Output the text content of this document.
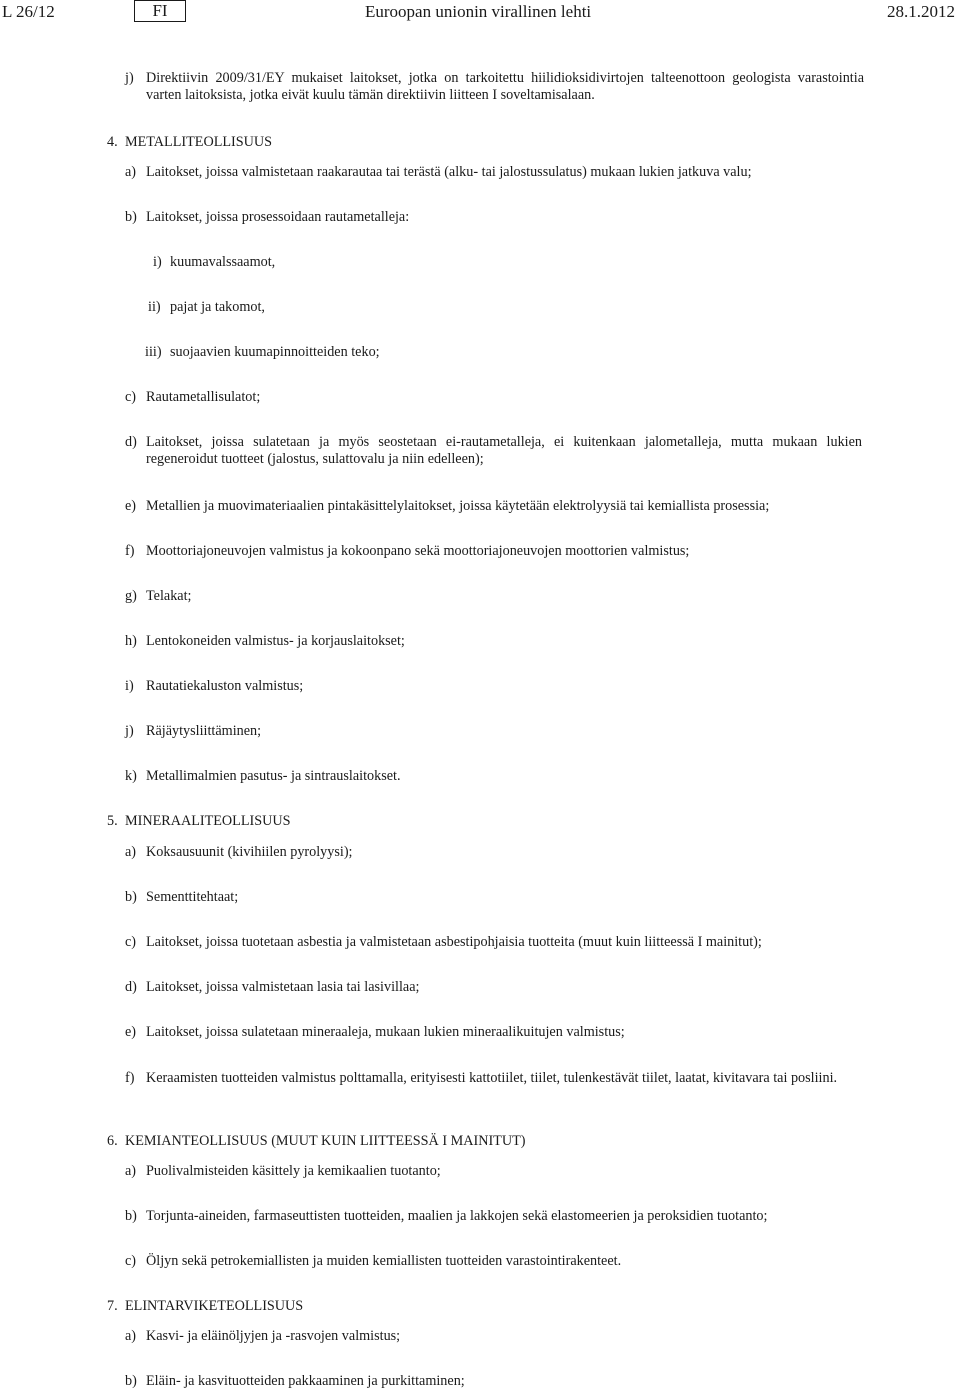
L 26/12	FI	Euroopan unionin virallinen lehti	28.1.2012
j) Direktiivin 2009/31/EY mukaiset laitokset, jotka on tarkoitettu hiilidioksidivirtojen talteenottoon geologista varastointia varten laitoksista, jotka eivät kuulu tämän direktiivin liitteen I soveltamisalaan.
4. METALLITEOLLISUUS
a) Laitokset, joissa valmistetaan raakarautaa tai terästä (alku- tai jalostussulatus) mukaan lukien jatkuva valu;
b) Laitokset, joissa prosessoidaan rautametalleja:
i) kuumavalssaamot,
ii) pajat ja takomot,
iii) suojaavien kuumapinnoitteiden teko;
c) Rautametallisulatot;
d) Laitokset, joissa sulatetaan ja myös seostetaan ei-rautametalleja, ei kuitenkaan jalometalleja, mutta mukaan lukien regeneroidut tuotteet (jalostus, sulattovalu ja niin edelleen);
e) Metallien ja muovimateriaalien pintakäsittelylaitokset, joissa käytetään elektrolyysiä tai kemiallista prosessia;
f) Moottoriajoneuvojen valmistus ja kokoonpano sekä moottoriajoneuvojen moottorien valmistus;
g) Telakat;
h) Lentokoneiden valmistus- ja korjauslaitokset;
i) Rautatiekaluston valmistus;
j) Räjäytysliittäminen;
k) Metallimalmien pasutus- ja sintrauslaitokset.
5. MINERAALITEOLLISUUS
a) Koksausuunit (kivihiilen pyrolyysi);
b) Sementtitehtaat;
c) Laitokset, joissa tuotetaan asbestia ja valmistetaan asbestipohjaisia tuotteita (muut kuin liitteessä I mainitut);
d) Laitokset, joissa valmistetaan lasia tai lasivillaa;
e) Laitokset, joissa sulatetaan mineraaleja, mukaan lukien mineraalikuitujen valmistus;
f) Keraamisten tuotteiden valmistus polttamalla, erityisesti kattotiilet, tiilet, tulenkestävät tiilet, laatat, kivitavara tai posliini.
6. KEMIANTEOLLISUUS (MUUT KUIN LIITTEESSÄ I MAINITUT)
a) Puolivalmisteiden käsittely ja kemikaalien tuotanto;
b) Torjunta-aineiden, farmaseuttisten tuotteiden, maalien ja lakkojen sekä elastomeerien ja peroksidien tuotanto;
c) Öljyn sekä petrokemiallisten ja muiden kemiallisten tuotteiden varastointirakenteet.
7. ELINTARVIKETEOLLISUUS
a) Kasvi- ja eläinöljyjen ja -rasvojen valmistus;
b) Eläin- ja kasvituotteiden pakkaaminen ja purkittaminen;
